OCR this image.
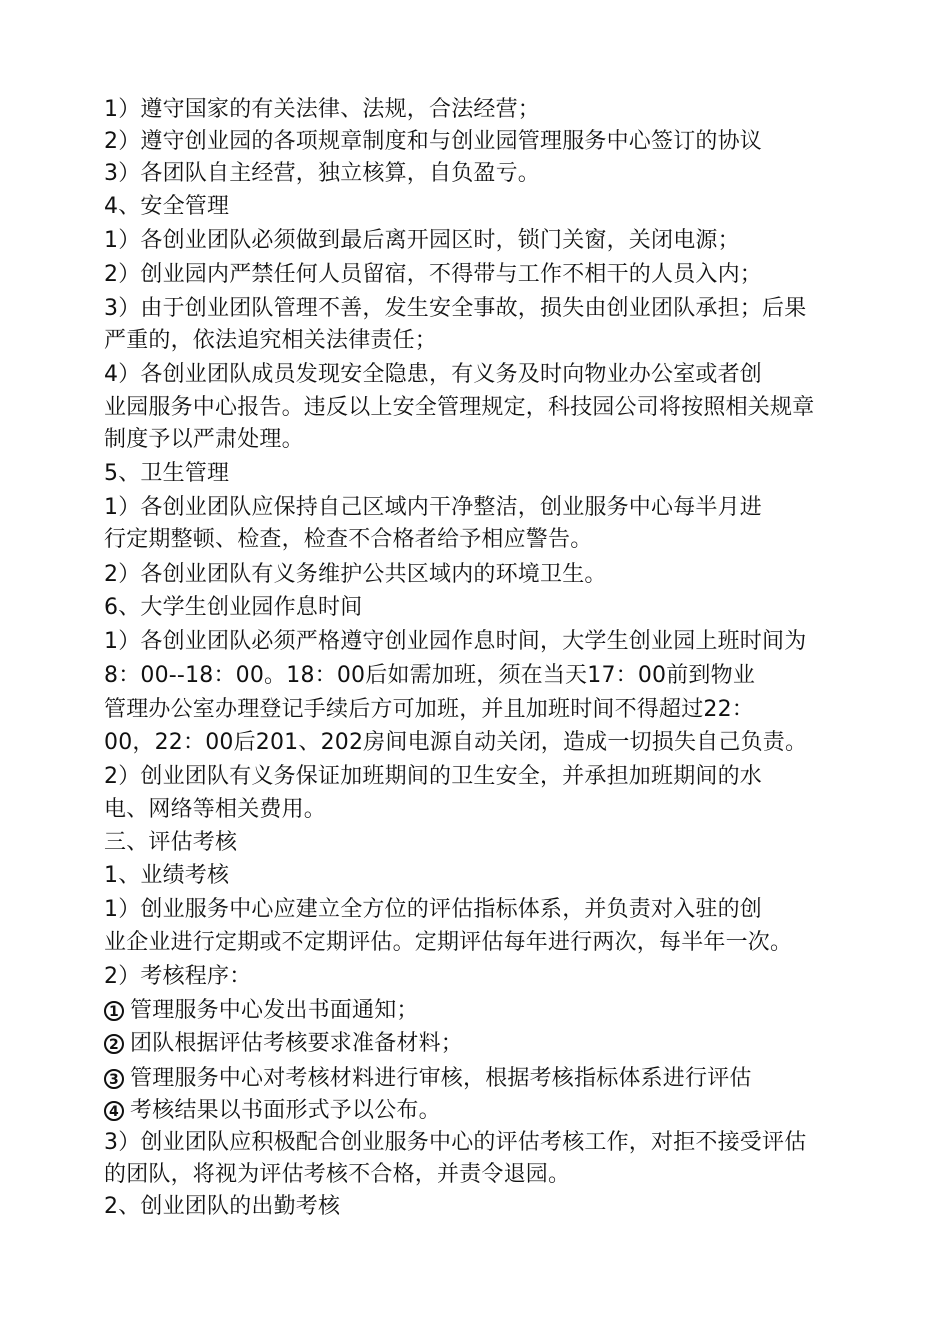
1）遵守国家的有关法律、法规，合法经营；
2）遵守创业园的各项规章制度和与创业园管理服务中心签订的协议
3）各团队自主经营，独立核算，自负盈亏。
4、安全管理
1）各创业团队必须做到最后离开园区时，锁门关窗，关闭电源；
2）创业园内严禁任何人员留宿，不得带与工作不相干的人员入内；
3）由于创业团队管理不善，发生安全事故，损失由创业团队承担；后果
严重的，依法追究相关法律责任；
4）各创业团队成员发现安全隐患，有义务及时向物业办公室或者创
业园服务中心报告。违反以上安全管理规定，科技园公司将按照相关规章
制度予以严肃处理。
5、卫生管理
1）各创业团队应保持自己区域内干净整洁，创业服务中心每半月进
行定期整顿、检查，检查不合格者给予相应警告。
2）各创业团队有义务维护公共区域内的环境卫生。
6、大学生创业园作息时间
1）各创业团队必须严格遵守创业园作息时间，大学生创业园上班时间为
8：00--18：00。18：00后如需加班，须在当天17：00前到物业
管理办公室办理登记手续后方可加班，并且加班时间不得超过22：
00，22：00后201、202房间电源自动关闭，造成一切损失自己负责。
2）创业团队有义务保证加班期间的卫生安全，并承担加班期间的水
电、网络等相关费用。
三、评估考核
1、业绩考核
1）创业服务中心应建立全方位的评估指标体系，并负责对入驻的创
业企业进行定期或不定期评估。定期评估每年进行两次，每半年一次。
2）考核程序：
1 管理服务中心发出书面通知；
2 团队根据评估考核要求准备材料；
3 管理服务中心对考核材料进行审核，根据考核指标体系进行评估
4 考核结果以书面形式予以公布。
3）创业团队应积极配合创业服务中心的评估考核工作，对拒不接受评估
的团队，将视为评估考核不合格，并责令退园。
2、创业团队的出勤考核
